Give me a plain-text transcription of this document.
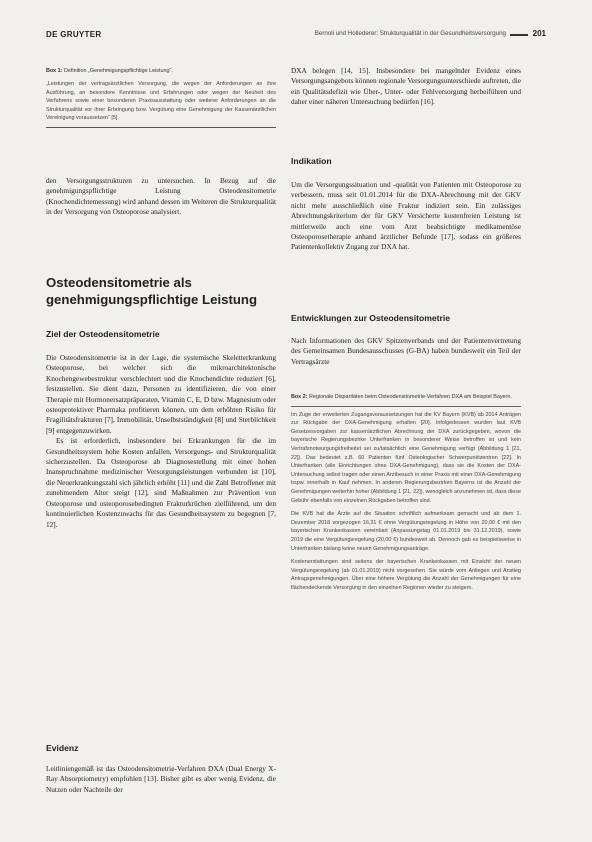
DE GRUYTER	Bernoli und Hollederer: Strukturqualität in der Gesundheitsversorgung	201
Box 1: Definition „Genehmigungspflichtige Leistung“.
„Leistungen der vertragsärztlichen Versorgung, die wegen der Anforderungen an ihre Ausführung, an besondere Kenntnisse und Erfahrungen oder wegen der Neuheit des Verfahrens sowie einer besonderen Praxisausstattung oder weiterer Anforderungen an die Strukturqualität vor ihrer Erbringung bzw. Vergütung eine Genehmigung der Kassenärztlichen Vereinigung voraussetzen“ [5].

den Versorgungsstrukturen zu untersuchen. In Bezug auf die genehmigungspflichtige Leistung Osteodensitometrie (Knochendichtemessung) wird anhand dessen im Weiteren die Strukturqualität in der Versorgung von Osteoporose analysiert.

Osteodensitometrie als genehmigungspflichtige Leistung
Ziel der Osteodensitometrie

Die Osteodensitometrie ist in der Lage, die systemische Skeletterkrankung Osteoporose, bei welcher sich die mikroarchitektonische Knochengewebestruktur verschlechtert und die Knochendichte reduziert [6], festzustellen. Sie dient dazu, Personen zu identifizieren, die von einer Therapie mit Hormonersatzpräparaten, Vitamin C, E, D bzw. Magnesium oder osteoprotektiver Pharmaka profitieren können, um dem erhöhten Risiko für Fragilitätsfrakturen [7], Immobilität, Unselbstständigkeit [8] und Sterblichkeit [9] entgegenzuwirken.

Es ist erforderlich, insbesondere bei Erkrankungen für die im Gesundheitssystem hohe Kosten anfallen, Versorgungs- und Strukturqualität sicherzustellen. Da Osteoporose ab Diagnosestellung mit einer hohen Inanspruchnahme medizinischer Versorgungsleistungen verbunden ist [10], die Neuerkrankungszahl sich jährlich erhöht [11] und die Zahl Betroffener mit zunehmendem Alter steigt [12], sind Maßnahmen zur Prävention von Osteoporose und osteoporosebedingten Frakturkrüchen zielführend, um den kontinuierlichen Kostenzuwachs für das Gesundheitssystem zu begegnen [7, 12].

Evidenz

Leitliniengemäß ist das Osteodensitometrie-Verfahren DXA (Dual Energy X-Ray Absorptiometry) empfohlen [13]. Bisher gibt es aber wenig Evidenz, die Nutzen oder Nachteile der

DXA belegen [14, 15]. Insbesondere bei mangelnder Evidenz eines Versorgungsangebots können regionale Versorgungsunterschiede auftreten, die ein Qualitätsdefizit wie Über-, Unter- oder Fehlversorgung herbeiführen und daher einer näheren Untersuchung bedürfen [16].

Indikation

Um die Versorgungssituation und -qualität von Patienten mit Osteoporose zu verbessern, muss seit 01.01.2014 für die DXA-Abrechnung mit der GKV nicht mehr ausschließlich eine Fraktur indiziert sein. Ein zulässiges Abrechnungskriterium der für GKV Versicherte kostenfreien Leistung ist mittlerweile auch eine vom Arzt beabsichtigte medikamentöse Osteoporosetherapie anhand ärztlicher Befunde [17], sodass ein größeres Patientenkollektiv Zugang zur DXA hat.

Entwicklungen zur Osteodensitometrie

Nach Informationen des GKV Spitzenverbands und der Patientenvertretung des Gemeinsamen Bundesausschusses (G-BA) haben bundesweit ein Teil der Vertragsärzte

Box 2: Regionale Disparitäten beim Osteodensitometrie-Verfahren DXA am Beispiel Bayern.

Im Zuge der erweiterten Zugangsvoraussetzungen hat die KV Bayern (KVB) ab 2014 Anträgen zur Rückgabe der DXA-Genehmigung erhalten [20]. Infolgedessen wurden laut KVB Gesetzesvorgaben zur kassenärztlichen Abrechnung der DXA zurückgegeben, wovon die bayerische Regierungsbezirke Unterfranken in besonderer Weise betroffen ist und kein Vertrafsnotwurgungsfreiheitet sei zu/tatsächlich eine Genehmigung verfügt (Abbildung 1 [21, 22]). Das bedeutet z.B. 60 Patienten fünf Osteologischer Schwerpunktzentren [22]. In Unterfranken (alle Einrichtungen ohne DXA-Genehmigung), dass sie die Kosten der DXA-Untersuchung selbst tragen oder einen Arztbesuch in einer Praxis mit einer DXA-Genehmigung bspw. innerhalb in Kauf nehmen. In anderen Regierungsbezirken Bayerns ist die Anzahl der Genehmigungen weiterhin hoher (Abbildung 1 [21, 22]), wenngleich anzunehmen ist, dass diese Gebühr ebenfalls von einzelnen Rückgaben betroffen sind.

Die KVB hat die Ärzte auf die Situation schriftlich aufmerksam gemacht und ab dem 1. Dezember 2018 vorgezogen 16,31 € ohne Vergütungsregelung in Höhe von 20,00 € mit den bayerischen Krankenkassen vereinbart (Anpassungstag 01.01.2019 bis 31.12.2019), sowie 2019 die eine Vergütungsregelung (20,00 €) bundesweit ab. Dennoch gab es beispielsweise in Unterfranken bislang keine neuen Genehmigungsanträge.

Kostenerstattungen sind seitens der bayerischen Krankenkassen mit Einsicht der neuen Vergütungsregelung (ab 01.01.2019) nicht vorgesehen. Sie würde vom Anliegen und Anstieg Antragsgenehmigungen. Über eine höhere Vergütung die Anzahl der Genehmigungen für eine flächendeckende Versorgung in den einzelnen Regionen wieder zu steigern.
